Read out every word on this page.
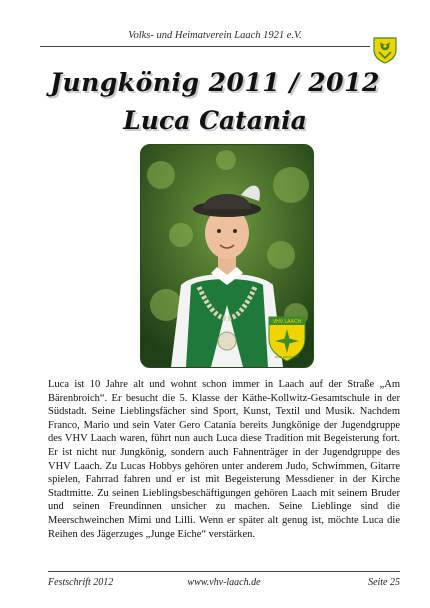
Volks- und Heimatverein Laach 1921 e.V.
Jungkönig 2011 / 2012
Luca Catania
VHV LAACH
MITGLIEDSSCHAFT
Luca ist 10 Jahre alt und wohnt schon immer in Laach auf der Straße „Am Bärenbroich“. Er besucht die 5. Klasse der Käthe-Kollwitz-Gesamtschule in der Südstadt. Seine Lieblingsfächer sind Sport, Kunst, Textil und Musik. Nachdem Franco, Mario und sein Vater Gero Catania bereits Jungkönige der Jugendgruppe des VHV Laach waren, führt nun auch Luca diese Tradition mit Begeisterung fort. Er ist nicht nur Jungkönig, sondern auch Fahnenträger in der Jugendgruppe des VHV Laach. Zu Lucas Hobbys gehören unter anderem Judo, Schwimmen, Gitarre spielen, Fahrrad fahren und er ist mit Begeisterung Messdiener in der Kirche Stadtmitte. Zu seinen Lieblingsbeschäftigungen gehören Laach mit seinem Bruder und seinen Freundinnen unsicher zu machen. Seine Lieblinge sind die Meerschweinchen Mimi und Lilli. Wenn er später alt genug ist, möchte Luca die Reihen des Jägerzuges „Junge Eiche“ verstärken.
Festschrift 2012	www.vhv-laach.de	Seite 25
